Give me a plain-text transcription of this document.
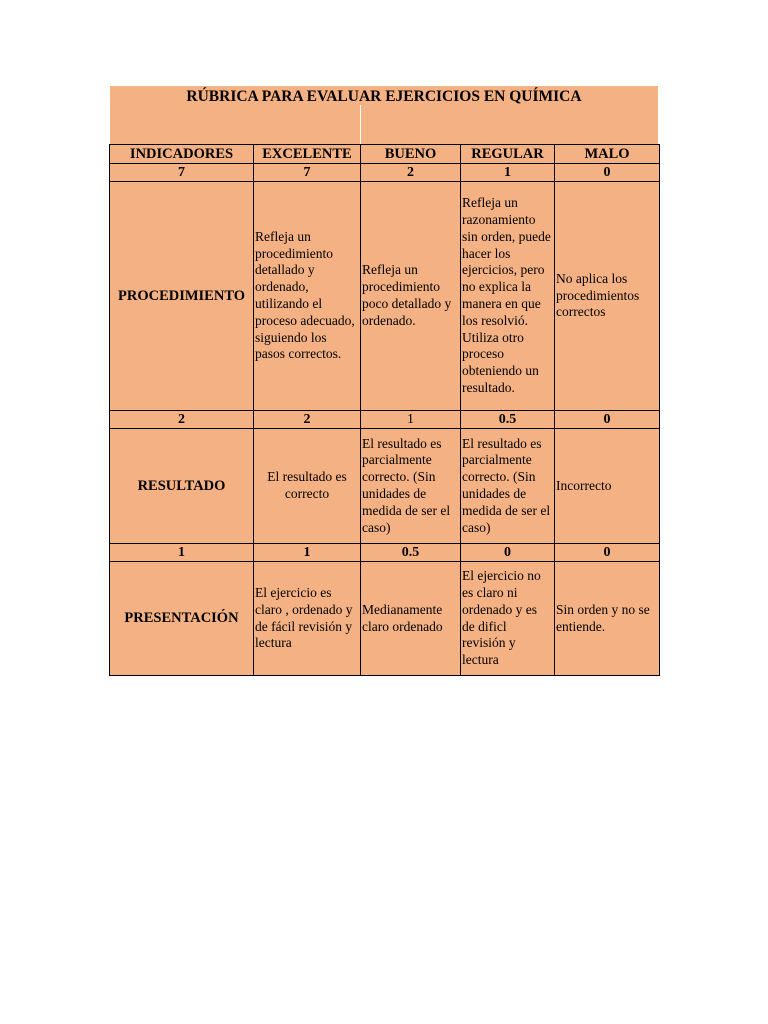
RÚBRICA PARA EVALUAR EJERCICIOS EN QUÍMICA
INDICADORES	EXCELENTE	BUENO	REGULAR	MALO
7	7	2	1	0
PROCEDIMIENTO	Refleja un procedimiento detallado y ordenado, utilizando el proceso adecuado, siguiendo los pasos correctos.	Refleja un procedimiento poco detallado y ordenado.	Refleja un razonamiento sin orden, puede hacer los ejercicios, pero no explica la manera en que los resolvió. Utiliza otro proceso obteniendo un resultado.	No aplica los procedimientos correctos
2	2	1	0.5	0
RESULTADO	El resultado es correcto	El resultado es parcialmente correcto. (Sin unidades de medida de ser el caso)	El resultado es parcialmente correcto. (Sin unidades de medida de ser el caso)	Incorrecto
1	1	0.5	0	0
PRESENTACIÓN	El ejercicio es claro , ordenado y de fácil revisión y lectura	Medianamente claro ordenado	El ejercicio no es claro ni ordenado y es de dificl revisión y lectura	Sin orden y no se entiende.
